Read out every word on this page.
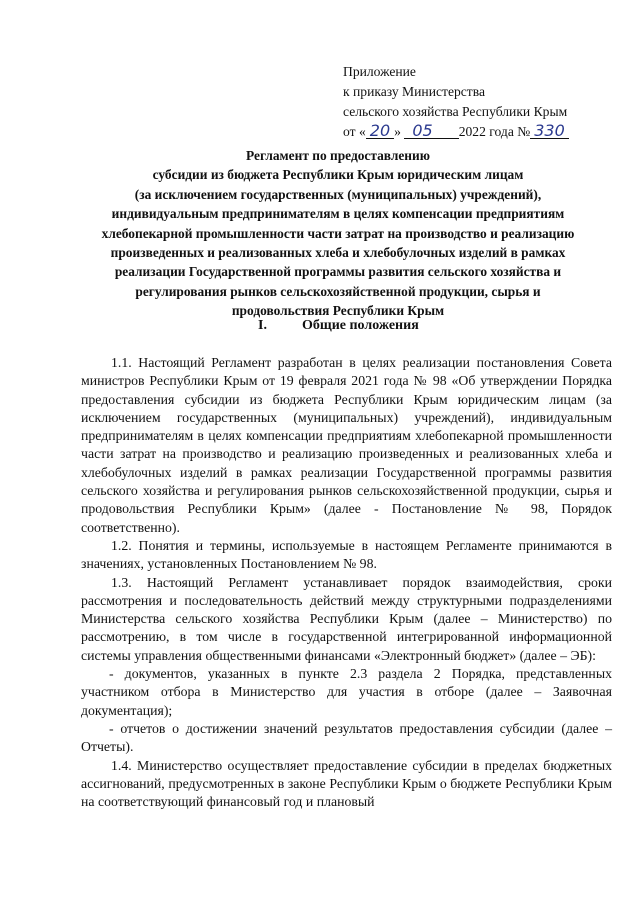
Приложение
к приказу Министерства
сельского хозяйства Республики Крым
от « 20 » 05 2022 года № 330
Регламент по предоставлению
субсидии из бюджета Республики Крым юридическим лицам
(за исключением государственных (муниципальных) учреждений),
индивидуальным предпринимателям в целях компенсации предприятиям
хлебопекарной промышленности части затрат на производство и реализацию
произведенных и реализованных хлеба и хлебобулочных изделий в рамках
реализации Государственной программы развития сельского хозяйства и
регулирования рынков сельскохозяйственной продукции, сырья и
продовольствия Республики Крым
I.	Общие положения

1.1. Настоящий Регламент разработан в целях реализации постановления Совета министров Республики Крым от 19 февраля 2021 года № 98 «Об утверждении Порядка предоставления субсидии из бюджета Республики Крым юридическим лицам (за исключением государственных (муниципальных) учреждений), индивидуальным предпринимателям в целях компенсации предприятиям хлебопекарной промышленности части затрат на производство и реализацию произведенных и реализованных хлеба и хлебобулочных изделий в рамках реализации Государственной программы развития сельского хозяйства и регулирования рынков сельскохозяйственной продукции, сырья и продовольствия Республики Крым» (далее - Постановление № 98, Порядок соответственно).

1.2. Понятия и термины, используемые в настоящем Регламенте принимаются в значениях, установленных Постановлением № 98.

1.3. Настоящий Регламент устанавливает порядок взаимодействия, сроки рассмотрения и последовательность действий между структурными подразделениями Министерства сельского хозяйства Республики Крым (далее – Министерство) по рассмотрению, в том числе в государственной интегрированной информационной системы управления общественными финансами «Электронный бюджет» (далее – ЭБ):

- документов, указанных в пункте 2.3 раздела 2 Порядка, представленных участником отбора в Министерство для участия в отборе (далее – Заявочная документация);

- отчетов о достижении значений результатов предоставления субсидии (далее – Отчеты).

1.4. Министерство осуществляет предоставление субсидии в пределах бюджетных ассигнований, предусмотренных в законе Республики Крым о бюджете Республики Крым на соответствующий финансовый год и плановый
